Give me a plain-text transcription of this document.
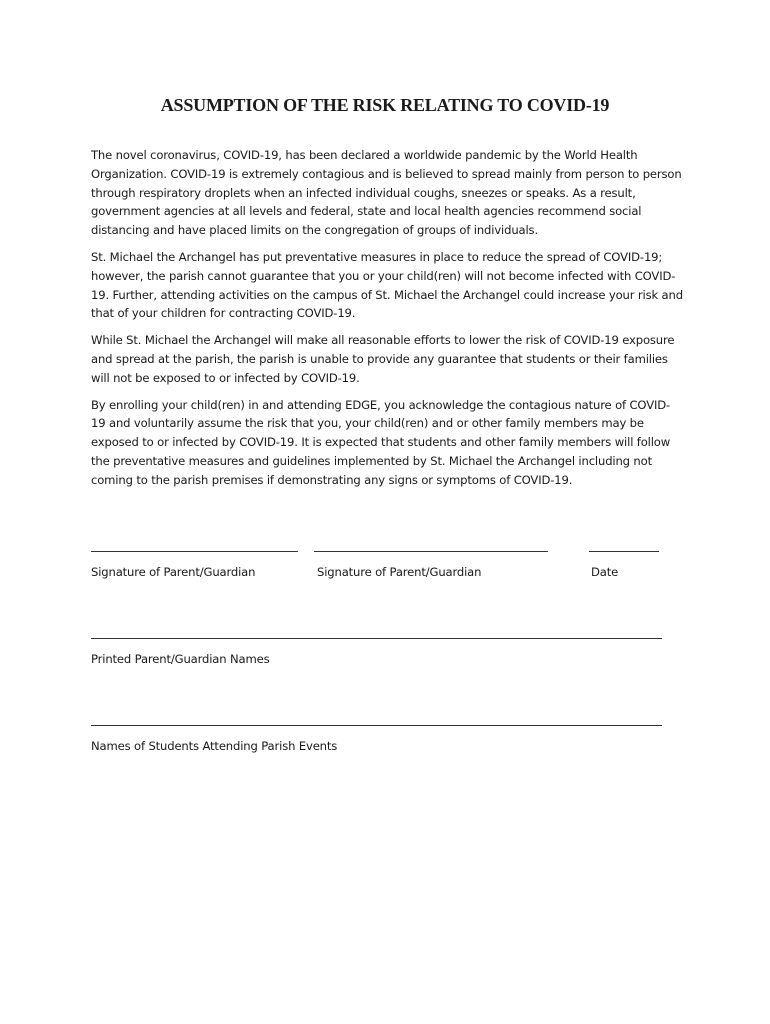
ASSUMPTION OF THE RISK RELATING TO COVID-19

The novel coronavirus, COVID-19, has been declared a worldwide pandemic by the World Health Organization. COVID-19 is extremely contagious and is believed to spread mainly from person to person through respiratory droplets when an infected individual coughs, sneezes or speaks. As a result, government agencies at all levels and federal, state and local health agencies recommend social distancing and have placed limits on the congregation of groups of individuals.

St. Michael the Archangel has put preventative measures in place to reduce the spread of COVID-19; however, the parish cannot guarantee that you or your child(ren) will not become infected with COVID-19. Further, attending activities on the campus of St. Michael the Archangel could increase your risk and that of your children for contracting COVID-19.

While St. Michael the Archangel will make all reasonable efforts to lower the risk of COVID-19 exposure and spread at the parish, the parish is unable to provide any guarantee that students or their families will not be exposed to or infected by COVID-19.

By enrolling your child(ren) in and attending EDGE, you acknowledge the contagious nature of COVID-19 and voluntarily assume the risk that you, your child(ren) and or other family members may be exposed to or infected by COVID-19. It is expected that students and other family members will follow the preventative measures and guidelines implemented by St. Michael the Archangel including not coming to the parish premises if demonstrating any signs or symptoms of COVID-19.

Signature of Parent/Guardian	Signature of Parent/Guardian	Date
Printed Parent/Guardian Names
Names of Students Attending Parish Events
